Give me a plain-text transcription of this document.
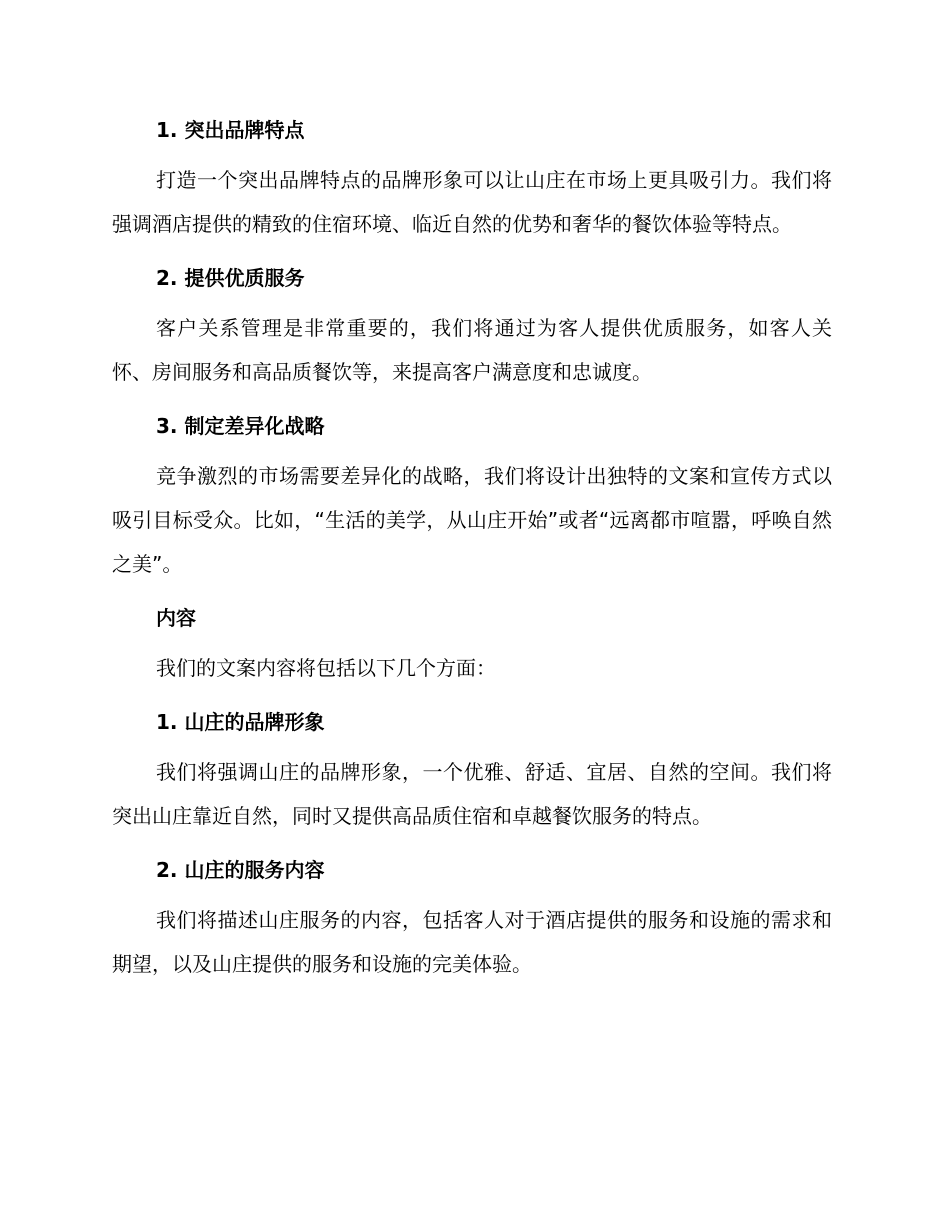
1. 突出品牌特点

打造一个突出品牌特点的品牌形象可以让山庄在市场上更具吸引力。我们将强调酒店提供的精致的住宿环境、临近自然的优势和奢华的餐饮体验等特点。

2. 提供优质服务

客户关系管理是非常重要的，我们将通过为客人提供优质服务，如客人关怀、房间服务和高品质餐饮等，来提高客户满意度和忠诚度。

3. 制定差异化战略

竞争激烈的市场需要差异化的战略，我们将设计出独特的文案和宣传方式以吸引目标受众。比如，“生活的美学，从山庄开始”或者“远离都市喧嚣，呼唤自然之美”。

内容

我们的文案内容将包括以下几个方面：

1. 山庄的品牌形象

我们将强调山庄的品牌形象，一个优雅、舒适、宜居、自然的空间。我们将突出山庄靠近自然，同时又提供高品质住宿和卓越餐饮服务的特点。

2. 山庄的服务内容

我们将描述山庄服务的内容，包括客人对于酒店提供的服务和设施的需求和期望，以及山庄提供的服务和设施的完美体验。
